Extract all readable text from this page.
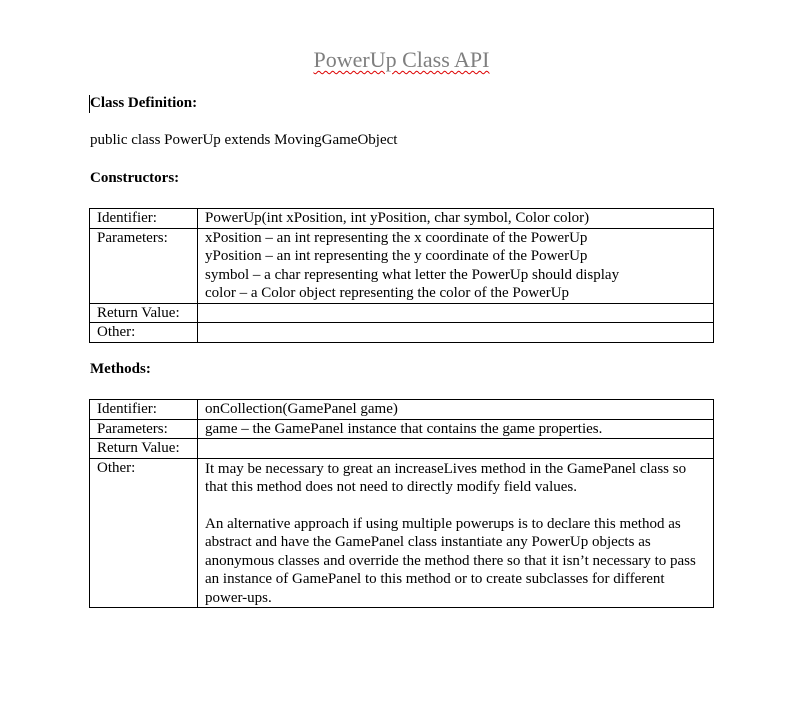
PowerUp Class API
Class Definition:
public class PowerUp extends MovingGameObject
Constructors:
Identifier:	PowerUp(int xPosition, int yPosition, char symbol, Color color)
Parameters:	xPosition – an int representing the x coordinate of the PowerUp
yPosition – an int representing the y coordinate of the PowerUp
symbol – a char representing what letter the PowerUp should display
color – a Color object representing the color of the PowerUp

Return Value:	
Other:	
Methods:
Identifier:	onCollection(GamePanel game)
Parameters:	game – the GamePanel instance that contains the game properties.
Return Value:	
Other:	It may be necessary to great an increaseLives method in the GamePanel class so that this method does not need to directly modify field values.
An alternative approach if using multiple powerups is to declare this method as abstract and have the GamePanel class instantiate any PowerUp objects as anonymous classes and override the method there so that it isn’t necessary to pass an instance of GamePanel to this method or to create subclasses for different power-ups.
